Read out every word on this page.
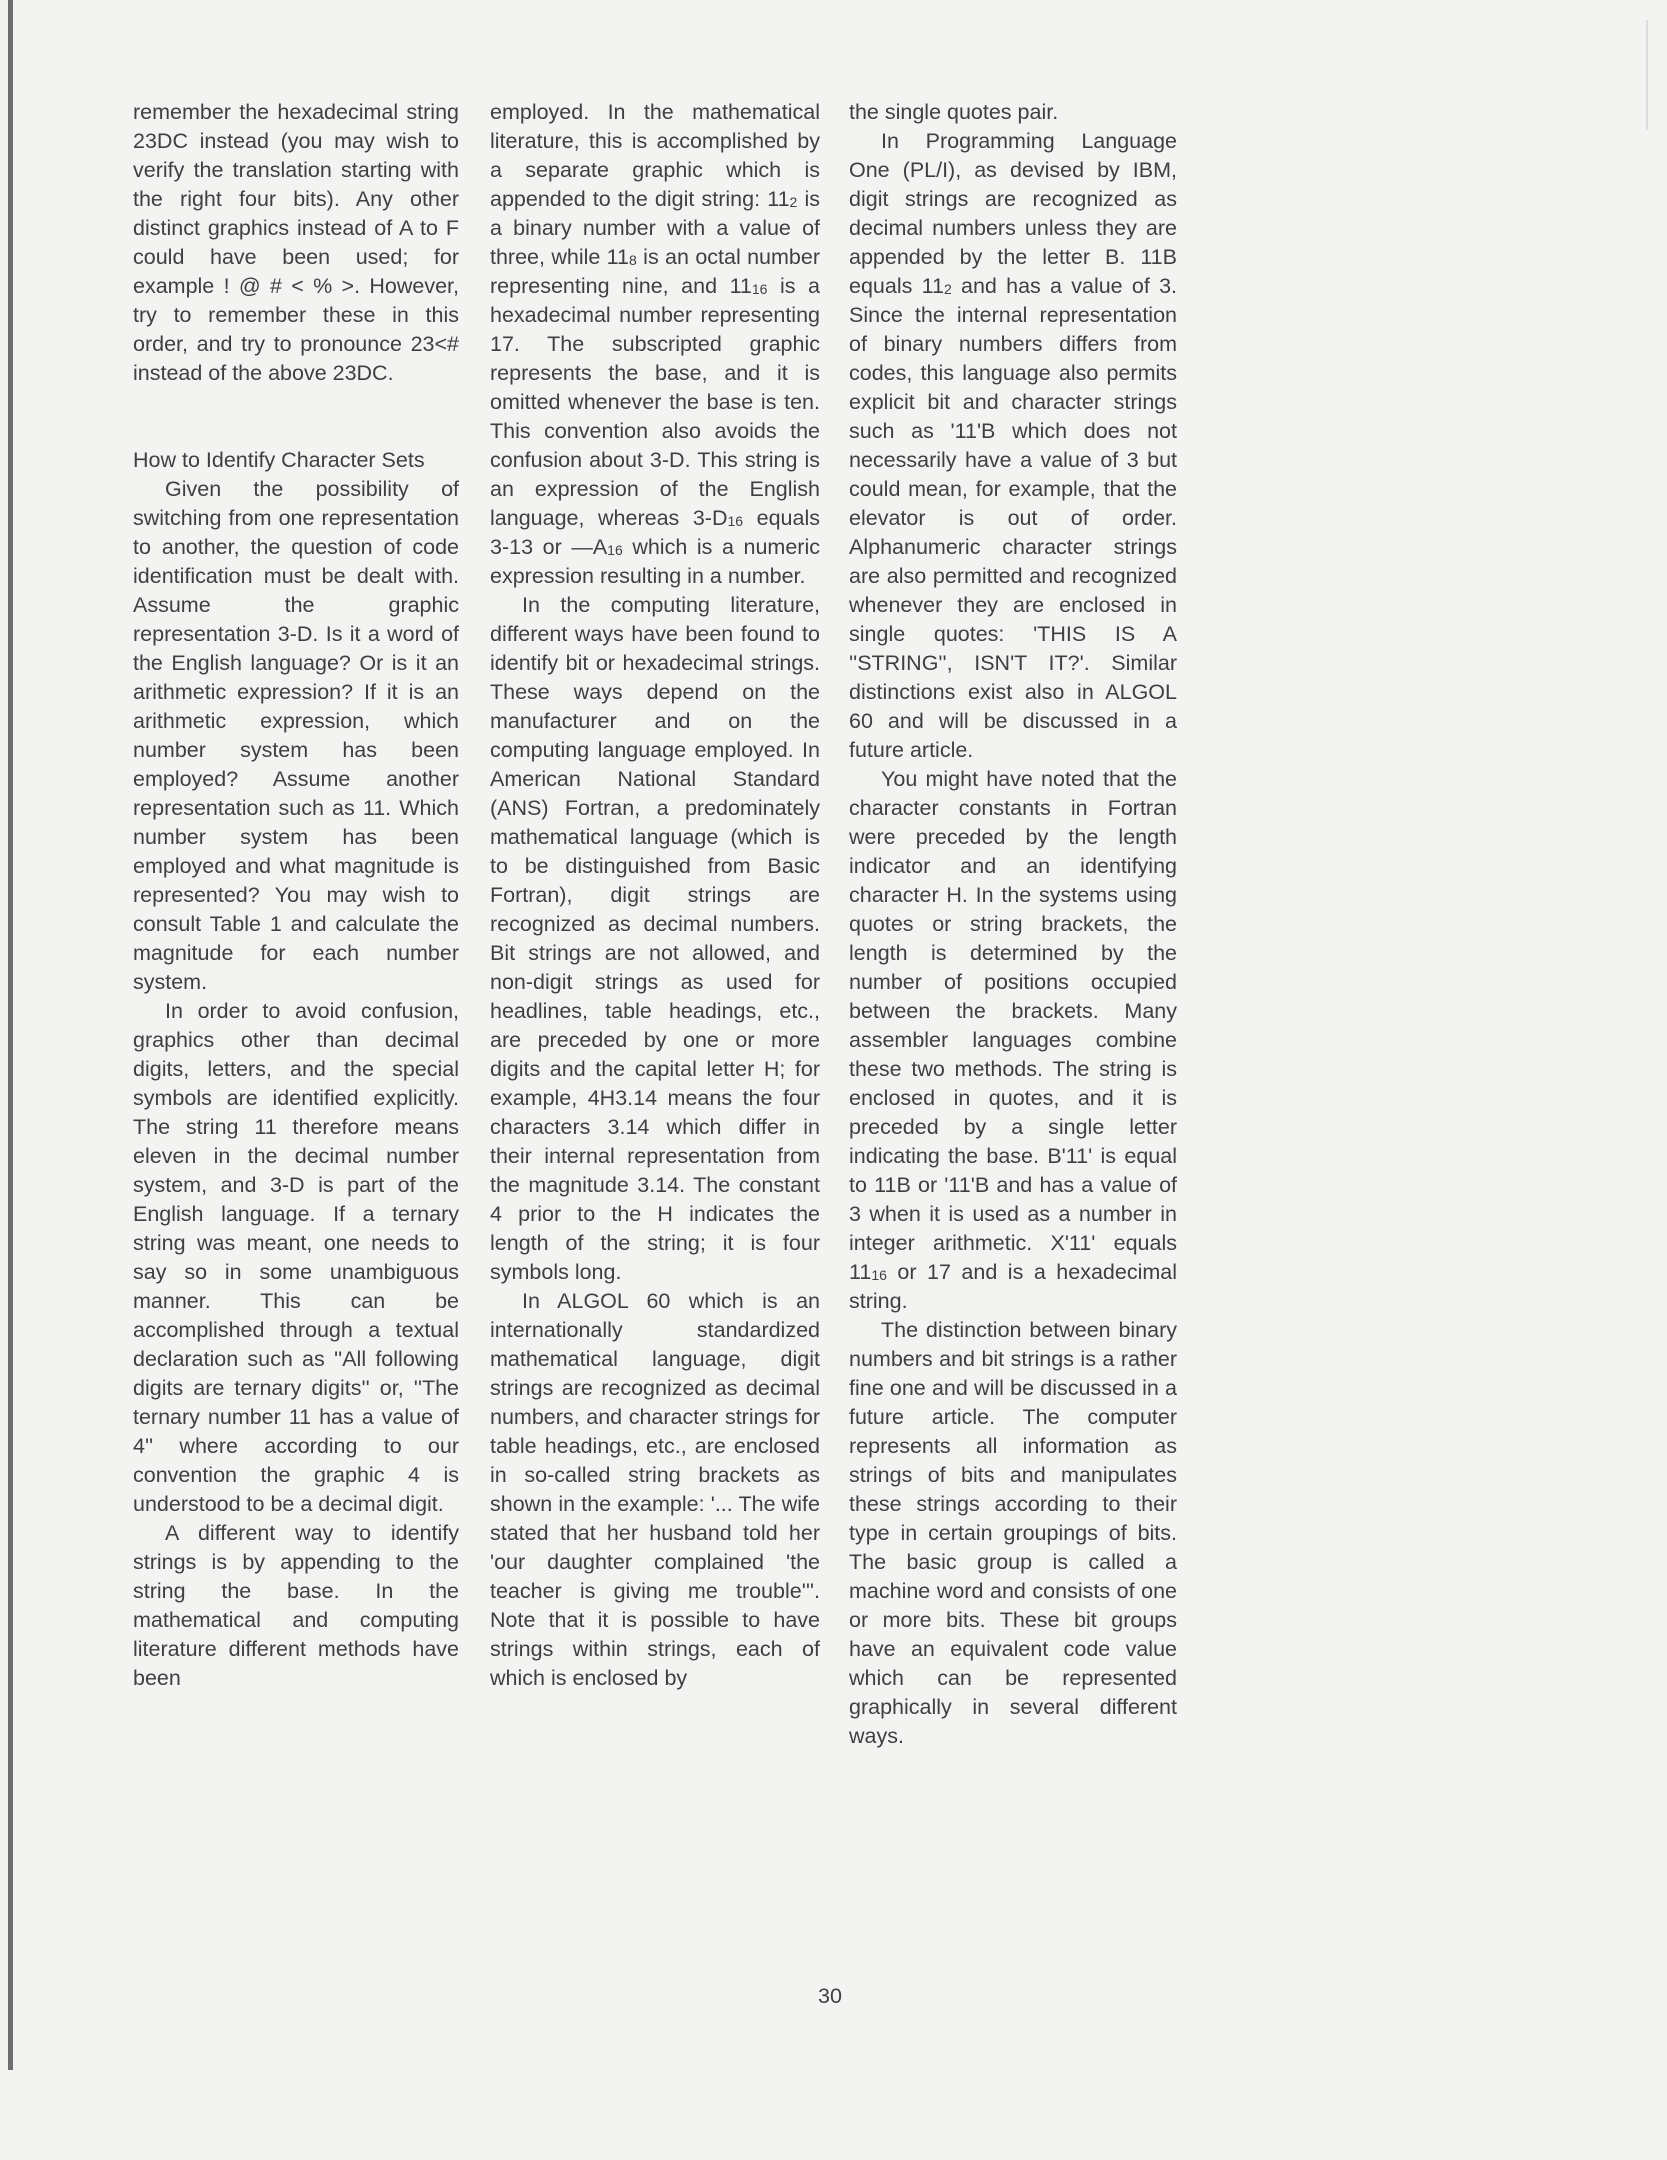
remember the hexadecimal string 23DC instead (you may wish to verify the translation starting with the right four bits). Any other distinct graphics instead of A to F could have been used; for example ! @ # < % >. However, try to remember these in this order, and try to pronounce 23<# instead of the above 23DC.

How to Identify Character Sets

Given the possibility of switching from one representation to another, the question of code identification must be dealt with. Assume the graphic representation 3-D. Is it a word of the English language? Or is it an arithmetic expression? If it is an arithmetic expression, which number system has been employed? Assume another representation such as 11. Which number system has been employed and what magnitude is represented? You may wish to consult Table 1 and calculate the magnitude for each number system.

In order to avoid confusion, graphics other than decimal digits, letters, and the special symbols are identified explicitly. The string 11 therefore means eleven in the decimal number system, and 3-D is part of the English language. If a ternary string was meant, one needs to say so in some unambiguous manner. This can be accomplished through a textual declaration such as ''All following digits are ternary digits'' or, ''The ternary number 11 has a value of 4'' where according to our convention the graphic 4 is understood to be a decimal digit.

A different way to identify strings is by appending to the string the base. In the mathematical and computing literature different methods have been

employed. In the mathematical literature, this is accomplished by a separate graphic which is appended to the digit string: $11_2$ is a binary number with a value of three, while $11_8$ is an octal number representing nine, and $11_{16}$ is a hexadecimal number representing 17. The subscripted graphic represents the base, and it is omitted whenever the base is ten. This convention also avoids the confusion about 3-D. This string is an expression of the English language, whereas $3-D_{16}$ equals 3-13 or $—A_{16}$ which is a numeric expression resulting in a number.

In the computing literature, different ways have been found to identify bit or hexadecimal strings. These ways depend on the manufacturer and on the computing language employed. In American National Standard (ANS) Fortran, a predominately mathematical language (which is to be distinguished from Basic Fortran), digit strings are recognized as decimal numbers. Bit strings are not allowed, and non-digit strings as used for headlines, table headings, etc., are preceded by one or more digits and the capital letter H; for example, 4H3.14 means the four characters 3.14 which differ in their internal representation from the magnitude 3.14. The constant 4 prior to the H indicates the length of the string; it is four symbols long.

In ALGOL 60 which is an internationally standardized mathematical language, digit strings are recognized as decimal numbers, and character strings for table headings, etc., are enclosed in so-called string brackets as shown in the example: '... The wife stated that her husband told her 'our daughter complained 'the teacher is giving me trouble'''. Note that it is possible to have strings within strings, each of which is enclosed by

the single quotes pair.

In Programming Language One (PL/I), as devised by IBM, digit strings are recognized as decimal numbers unless they are appended by the letter B. 11B equals $11_2$ and has a value of 3. Since the internal representation of binary numbers differs from codes, this language also permits explicit bit and character strings such as '11'B which does not necessarily have a value of 3 but could mean, for example, that the elevator is out of order. Alphanumeric character strings are also permitted and recognized whenever they are enclosed in single quotes: 'THIS IS A ''STRING'', ISN'T IT?'. Similar distinctions exist also in ALGOL 60 and will be discussed in a future article.

You might have noted that the character constants in Fortran were preceded by the length indicator and an identifying character H. In the systems using quotes or string brackets, the length is determined by the number of positions occupied between the brackets. Many assembler languages combine these two methods. The string is enclosed in quotes, and it is preceded by a single letter indicating the base. B'11' is equal to 11B or '11'B and has a value of 3 when it is used as a number in integer arithmetic. X'11' equals $11_{16}$ or 17 and is a hexadecimal string.

The distinction between binary numbers and bit strings is a rather fine one and will be discussed in a future article. The computer represents all information as strings of bits and manipulates these strings according to their type in certain groupings of bits. The basic group is called a machine word and consists of one or more bits. These bit groups have an equivalent code value which can be represented graphically in several different ways.

30
